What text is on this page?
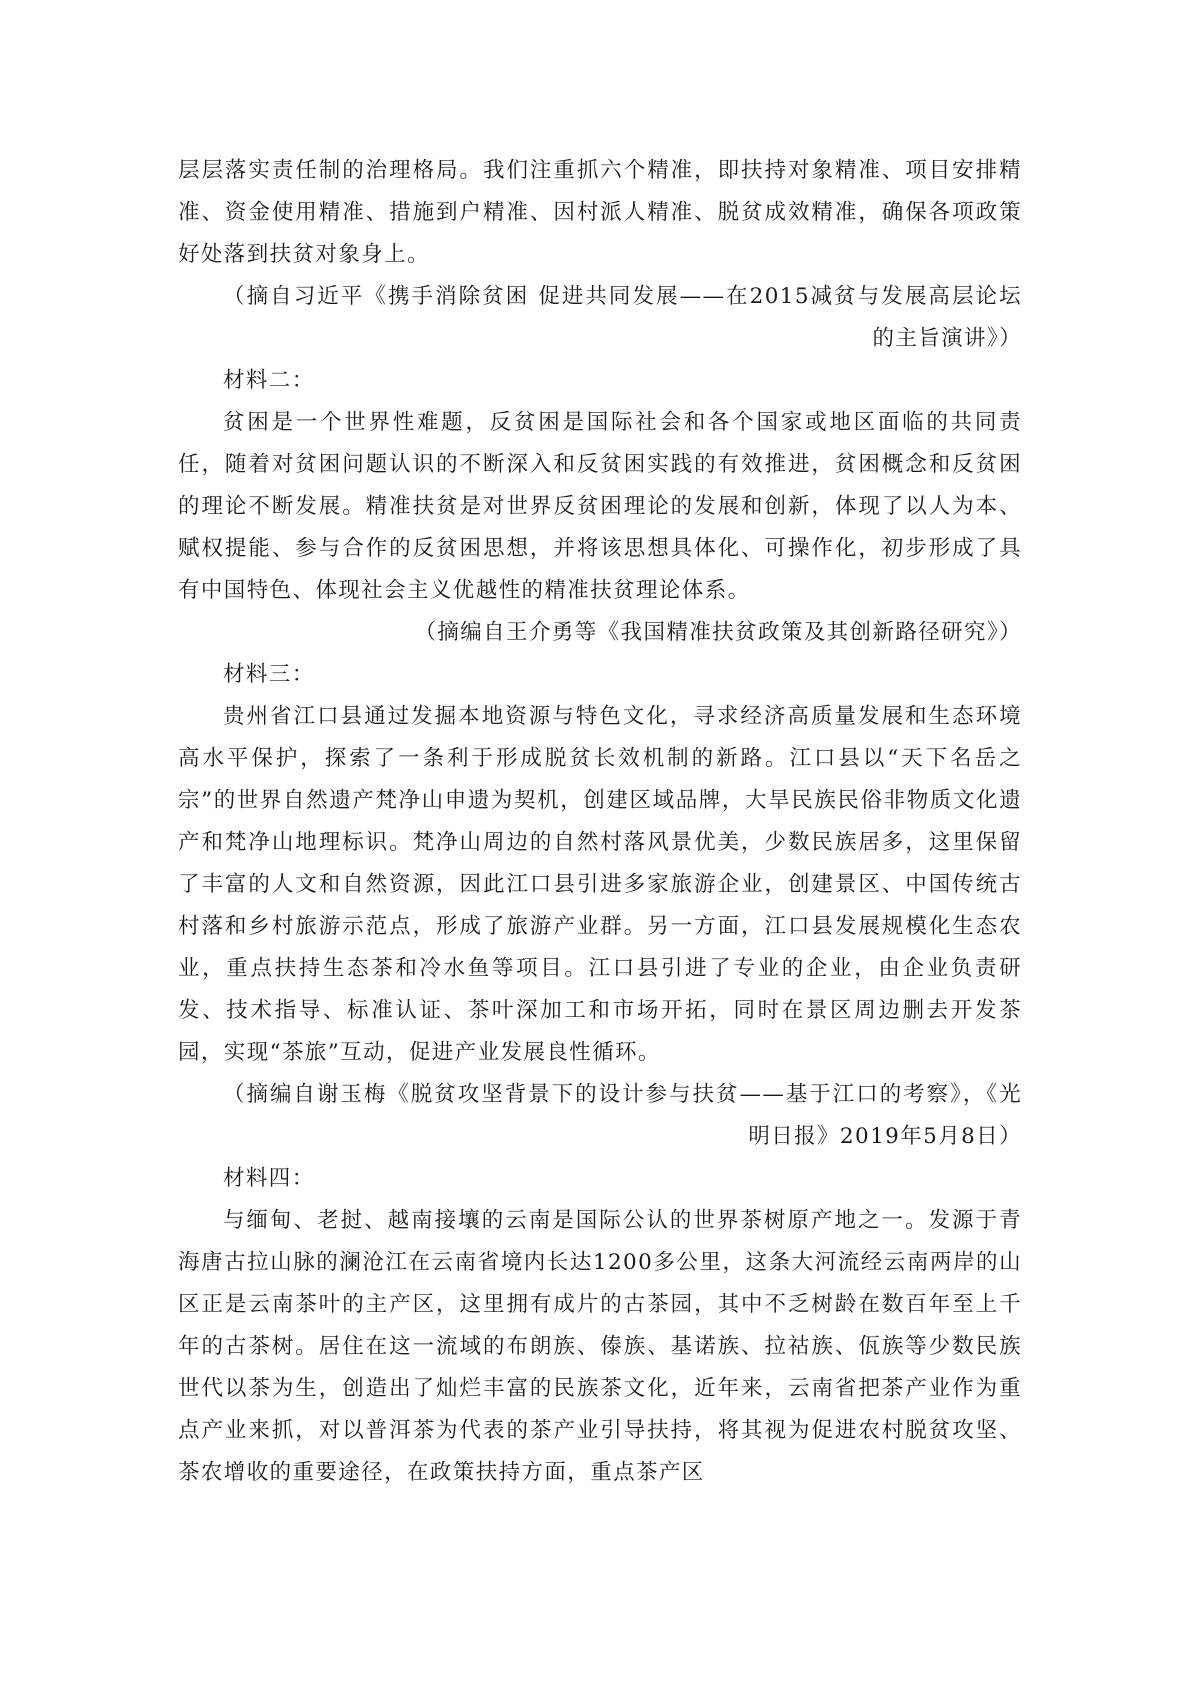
层层落实责任制的治理格局。我们注重抓六个精准，即扶持对象精准、项目安排精准、资金使用精准、措施到户精准、因村派人精准、脱贫成效精准，确保各项政策好处落到扶贫对象身上。

（摘自习近平《携手消除贫困 促进共同发展——在2015减贫与发展高层论坛的主旨演讲》）

材料二：

贫困是一个世界性难题，反贫困是国际社会和各个国家或地区面临的共同责任，随着对贫困问题认识的不断深入和反贫困实践的有效推进，贫困概念和反贫困的理论不断发展。精准扶贫是对世界反贫困理论的发展和创新，体现了以人为本、赋权提能、参与合作的反贫困思想，并将该思想具体化、可操作化，初步形成了具有中国特色、体现社会主义优越性的精准扶贫理论体系。

（摘编自王介勇等《我国精准扶贫政策及其创新路径研究》）

材料三：

贵州省江口县通过发掘本地资源与特色文化，寻求经济高质量发展和生态环境高水平保护，探索了一条利于形成脱贫长效机制的新路。江口县以“天下名岳之宗”的世界自然遗产梵净山申遗为契机，创建区域品牌，大旱民族民俗非物质文化遗产和梵净山地理标识。梵净山周边的自然村落风景优美，少数民族居多，这里保留了丰富的人文和自然资源，因此江口县引进多家旅游企业，创建景区、中国传统古村落和乡村旅游示范点，形成了旅游产业群。另一方面，江口县发展规模化生态农业，重点扶持生态茶和冷水鱼等项目。江口县引进了专业的企业，由企业负责研发、技术指导、标准认证、茶叶深加工和市场开拓，同时在景区周边删去开发茶园，实现“茶旅”互动，促进产业发展良性循环。

（摘编自谢玉梅《脱贫攻坚背景下的设计参与扶贫——基于江口的考察》，《光明日报》2019年5月8日）

材料四：

与缅甸、老挝、越南接壤的云南是国际公认的世界茶树原产地之一。发源于青海唐古拉山脉的澜沧江在云南省境内长达1200多公里，这条大河流经云南两岸的山区正是云南茶叶的主产区，这里拥有成片的古茶园，其中不乏树龄在数百年至上千年的古茶树。居住在这一流域的布朗族、傣族、基诺族、拉祜族、佤族等少数民族世代以茶为生，创造出了灿烂丰富的民族茶文化，近年来，云南省把茶产业作为重点产业来抓，对以普洱茶为代表的茶产业引导扶持，将其视为促进农村脱贫攻坚、茶农增收的重要途径，在政策扶持方面，重点茶产区
